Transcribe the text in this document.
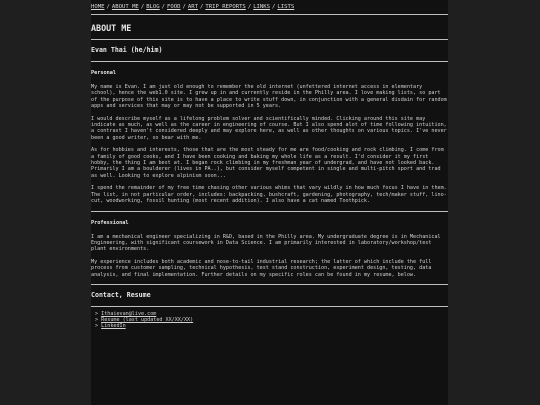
HOME / ABOUT ME / BLOG / FOOD / ART / TRIP REPORTS / LINKS / LISTS
ABOUT ME
Evan Thai (he/him)
Personal

My name is Evan. I am just old enough to remember the old internet (unfettered internet access in elementary school), hence the web1.0 site. I grew up in and currently reside in the Philly area. I love making lists, so part of the purpose of this site is to have a place to write stuff down, in conjunction with a general disdain for random apps and services that may or may not be supported in 5 years.

I would describe myself as a lifelong problem solver and scientifically minded. Clicking around this site may indicate as much, as well as the career in engineering of course. But I also spend alot of time following intuition, a contrast I haven't considered deeply and may explore here, as well as other thoughts on various topics. I've never been a good writer, so bear with me.

As for hobbies and interests, those that are the most steady for me are food/cooking and rock climbing. I come from a family of good cooks, and I have been cooking and baking my whole life as a result. I'd consider it my first hobby, the thing I am best at. I began rock climbing in my freshman year of undergrad, and have not looked back. Primarily I am a boulderer (lives in PA..), but consider myself competent in single and multi-pitch sport and trad as well. Looking to explore alpinism soon...

I spend the remainder of my free time chasing other various whims that vary wildly in how much focus I have in them. The list, in not particular order, includes: backpacking, bushcraft, gardening, photography, tech/maker stuff, lino-cut, woodworking, fossil hunting (most recent addition). I also have a cat named Toothpick.

Professional

I am a mechanical engineer specializing in R&D, based in the Philly area. My undergraduate degree is in Mechanical Engineering, with significant coursework in Data Science. I am primarily interested in laboratory/workshop/test plant environments.

My experience includes both academic and nose-to-tail industrial research; the latter of which include the full process from customer sampling, technical hypothesis, test stand construction, experiment design, testing, data analysis, and final implementation. Further details on my specific roles can be found in my resume, below.

Contact, Resume
> Ithaievan@live.com
> Resume (last updated XX/XX/XX)
> LinkedIn
